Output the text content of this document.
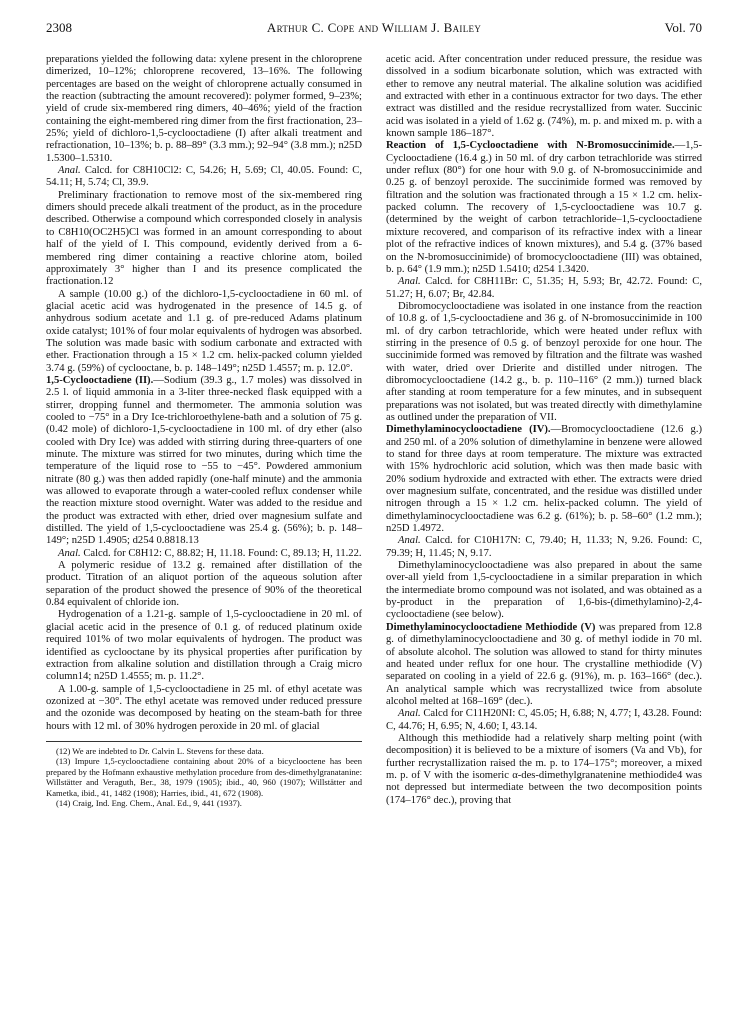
2308	Arthur C. Cope and William J. Bailey	Vol. 70

preparations yielded the following data: xylene present in the chloroprene dimerized, 10–12%; chloroprene recovered, 13–16%. The following percentages are based on the weight of chloroprene actually consumed in the reaction (subtracting the amount recovered): polymer formed, 9–23%; yield of crude six-membered ring dimers, 40–46%; yield of the fraction containing the eight-membered ring dimer from the first fractionation, 23–25%; yield of dichloro-1,5-cyclooctadiene (I) after alkali treatment and refractionation, 10–13%; b. p. 88–89° (3.3 mm.); 92–94° (3.8 mm.); n25D 1.5300–1.5310.

Anal. Calcd. for C8H10Cl2: C, 54.26; H, 5.69; Cl, 40.05. Found: C, 54.11; H, 5.74; Cl, 39.9.

Preliminary fractionation to remove most of the six-membered ring dimers should precede alkali treatment of the product, as in the procedure described. Otherwise a compound which corresponded closely in analysis to C8H10(OC2H5)Cl was formed in an amount corresponding to about half of the yield of I. This compound, evidently derived from a 6-membered ring dimer containing a reactive chlorine atom, boiled approximately 3° higher than I and its presence complicated the fractionation.12

A sample (10.00 g.) of the dichloro-1,5-cyclooctadiene in 60 ml. of glacial acetic acid was hydrogenated in the presence of 14.5 g. of anhydrous sodium acetate and 1.1 g. of pre-reduced Adams platinum oxide catalyst; 101% of four molar equivalents of hydrogen was absorbed. The solution was made basic with sodium carbonate and extracted with ether. Fractionation through a 15 × 1.2 cm. helix-packed column yielded 3.74 g. (59%) of cyclooctane, b. p. 148–149°; n25D 1.4557; m. p. 12.0°.

1,5-Cyclooctadiene (II).—Sodium (39.3 g., 1.7 moles) was dissolved in 2.5 l. of liquid ammonia in a 3-liter three-necked flask equipped with a stirrer, dropping funnel and thermometer. The ammonia solution was cooled to −75° in a Dry Ice-trichloroethylene-bath and a solution of 75 g. (0.42 mole) of dichloro-1,5-cyclooctadiene in 100 ml. of dry ether (also cooled with Dry Ice) was added with stirring during three-quarters of one minute. The mixture was stirred for two minutes, during which time the temperature of the liquid rose to −55 to −45°. Powdered ammonium nitrate (80 g.) was then added rapidly (one-half minute) and the ammonia was allowed to evaporate through a water-cooled reflux condenser while the reaction mixture stood overnight. Water was added to the residue and the product was extracted with ether, dried over magnesium sulfate and distilled. The yield of 1,5-cyclooctadiene was 25.4 g. (56%); b. p. 148–149°; n25D 1.4905; d254 0.8818.13

Anal. Calcd. for C8H12: C, 88.82; H, 11.18. Found: C, 89.13; H, 11.22.

A polymeric residue of 13.2 g. remained after distillation of the product. Titration of an aliquot portion of the aqueous solution after separation of the product showed the presence of 90% of the theoretical 0.84 equivalent of chloride ion.

Hydrogenation of a 1.21-g. sample of 1,5-cyclooctadiene in 20 ml. of glacial acetic acid in the presence of 0.1 g. of reduced platinum oxide required 101% of two molar equivalents of hydrogen. The product was identified as cyclooctane by its physical properties after purification by extraction from alkaline solution and distillation through a Craig micro column14; n25D 1.4555; m. p. 11.2°.

A 1.00-g. sample of 1,5-cyclooctadiene in 25 ml. of ethyl acetate was ozonized at −30°. The ethyl acetate was removed under reduced pressure and the ozonide was decomposed by heating on the steam-bath for three hours with 12 ml. of 30% hydrogen peroxide in 20 ml. of glacial

(12) We are indebted to Dr. Calvin L. Stevens for these data.

(13) Impure 1,5-cyclooctadiene containing about 20% of a bicyclooctene has been prepared by the Hofmann exhaustive methylation procedure from des-dimethylgranatanine: Willstätter and Veraguth, Ber., 38, 1979 (1905); ibid., 40, 960 (1907); Willstätter and Kametka, ibid., 41, 1482 (1908); Harries, ibid., 41, 672 (1908).

(14) Craig, Ind. Eng. Chem., Anal. Ed., 9, 441 (1937).

acetic acid. After concentration under reduced pressure, the residue was dissolved in a sodium bicarbonate solution, which was extracted with ether to remove any neutral material. The alkaline solution was acidified and extracted with ether in a continuous extractor for two days. The ether extract was distilled and the residue recrystallized from water. Succinic acid was isolated in a yield of 1.62 g. (74%), m. p. and mixed m. p. with a known sample 186–187°.

Reaction of 1,5-Cyclooctadiene with N-Bromosuccinimide.—1,5-Cyclooctadiene (16.4 g.) in 50 ml. of dry carbon tetrachloride was stirred under reflux (80°) for one hour with 9.0 g. of N-bromosuccinimide and 0.25 g. of benzoyl peroxide. The succinimide formed was removed by filtration and the solution was fractionated through a 15 × 1.2 cm. helix-packed column. The recovery of 1,5-cyclooctadiene was 10.7 g. (determined by the weight of carbon tetrachloride–1,5-cyclooctadiene mixture recovered, and comparison of its refractive index with a linear plot of the refractive indices of known mixtures), and 5.4 g. (37% based on the N-bromosuccinimide) of bromocyclooctadiene (III) was obtained, b. p. 64° (1.9 mm.); n25D 1.5410; d254 1.3420.

Anal. Calcd. for C8H11Br: C, 51.35; H, 5.93; Br, 42.72. Found: C, 51.27; H, 6.07; Br, 42.84.

Dibromocyclooctadiene was isolated in one instance from the reaction of 10.8 g. of 1,5-cyclooctadiene and 36 g. of N-bromosuccinimide in 100 ml. of dry carbon tetrachloride, which were heated under reflux with stirring in the presence of 0.5 g. of benzoyl peroxide for one hour. The succinimide formed was removed by filtration and the filtrate was washed with water, dried over Drierite and distilled under nitrogen. The dibromocyclooctadiene (14.2 g., b. p. 110–116° (2 mm.)) turned black after standing at room temperature for a few minutes, and in subsequent preparations was not isolated, but was treated directly with dimethylamine as outlined under the preparation of VII.

Dimethylaminocyclooctadiene (IV).—Bromocyclooctadiene (12.6 g.) and 250 ml. of a 20% solution of dimethylamine in benzene were allowed to stand for three days at room temperature. The mixture was extracted with 15% hydrochloric acid solution, which was then made basic with 20% sodium hydroxide and extracted with ether. The extracts were dried over magnesium sulfate, concentrated, and the residue was distilled under nitrogen through a 15 × 1.2 cm. helix-packed column. The yield of dimethylaminocyclooctadiene was 6.2 g. (61%); b. p. 58–60° (1.2 mm.); n25D 1.4972.

Anal. Calcd. for C10H17N: C, 79.40; H, 11.33; N, 9.26. Found: C, 79.39; H, 11.45; N, 9.17.

Dimethylaminocyclooctadiene was also prepared in about the same over-all yield from 1,5-cyclooctadiene in a similar preparation in which the intermediate bromo compound was not isolated, and was obtained as a by-product in the preparation of 1,6-bis-(dimethylamino)-2,4-cyclooctadiene (see below).

Dimethylaminocyclooctadiene Methiodide (V) was prepared from 12.8 g. of dimethylaminocyclooctadiene and 30 g. of methyl iodide in 70 ml. of absolute alcohol. The solution was allowed to stand for thirty minutes and heated under reflux for one hour. The crystalline methiodide (V) separated on cooling in a yield of 22.6 g. (91%), m. p. 163–166° (dec.). An analytical sample which was recrystallized twice from absolute alcohol melted at 168–169° (dec.).

Anal. Calcd for C11H20NI: C, 45.05; H, 6.88; N, 4.77; I, 43.28. Found: C, 44.76; H, 6.95; N, 4.60; I, 43.14.

Although this methiodide had a relatively sharp melting point (with decomposition) it is believed to be a mixture of isomers (Va and Vb), for further recrystallization raised the m. p. to 174–175°; moreover, a mixed m. p. of V with the isomeric α-des-dimethylgranatenine methiodide4 was not depressed but intermediate between the two decomposition points (174–176° dec.), proving that
